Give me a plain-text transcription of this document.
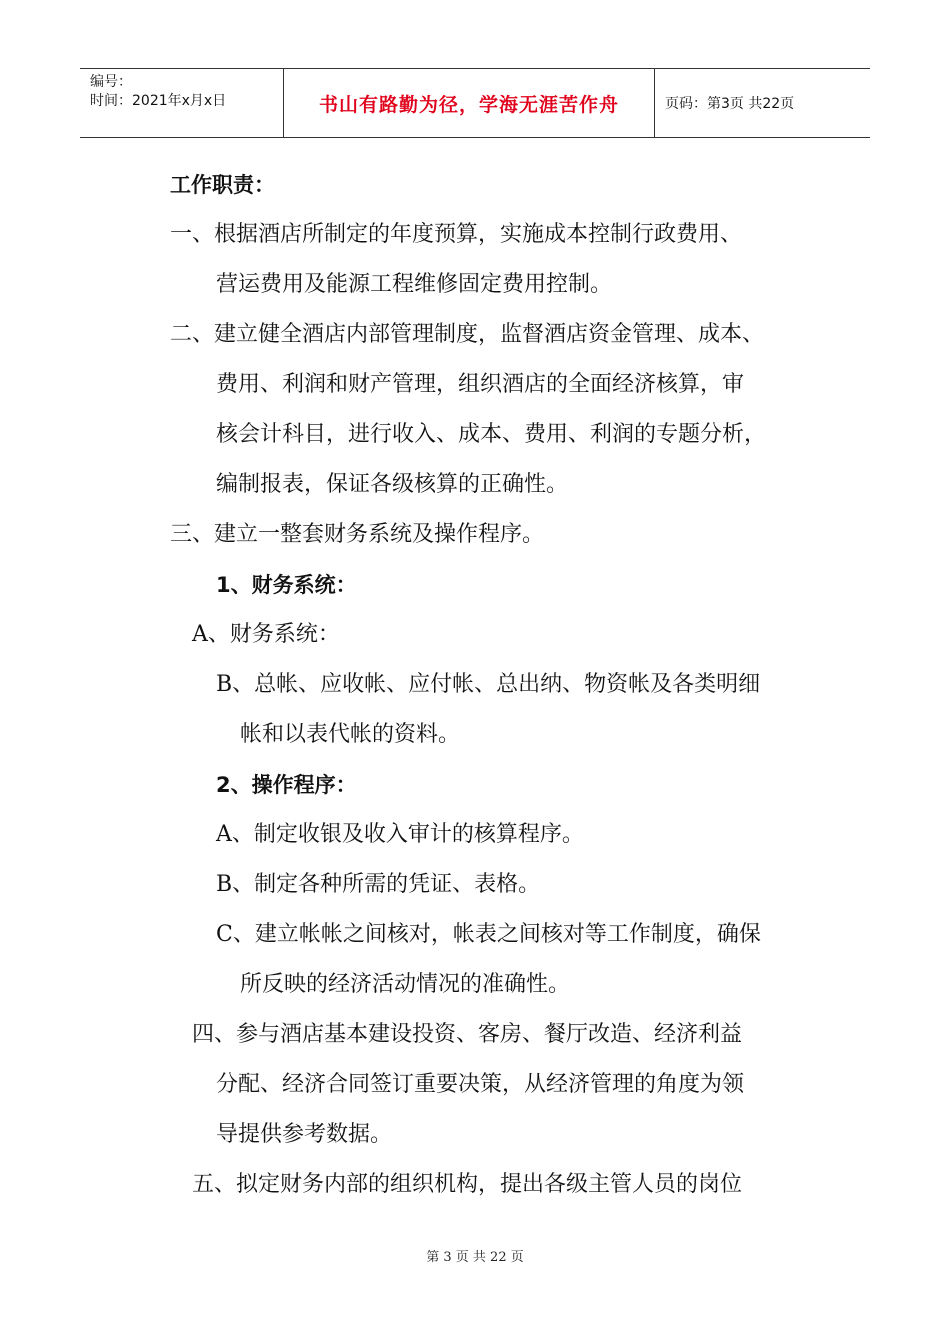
编号：
时间：2021年x月x日	书山有路勤为径，学海无涯苦作舟	页码：第3页 共22页
工作职责：
一、根据酒店所制定的年度预算，实施成本控制行政费用、
营运费用及能源工程维修固定费用控制。
二、建立健全酒店内部管理制度，监督酒店资金管理、成本、
费用、利润和财产管理，组织酒店的全面经济核算，审
核会计科目，进行收入、成本、费用、利润的专题分析，
编制报表，保证各级核算的正确性。
三、建立一整套财务系统及操作程序。
1、财务系统：
A、财务系统：
B、总帐、应收帐、应付帐、总出纳、物资帐及各类明细
帐和以表代帐的资料。
2、操作程序：
A、制定收银及收入审计的核算程序。
B、制定各种所需的凭证、表格。
C、建立帐帐之间核对，帐表之间核对等工作制度，确保
所反映的经济活动情况的准确性。
四、参与酒店基本建设投资、客房、餐厅改造、经济利益
分配、经济合同签订重要决策，从经济管理的角度为领
导提供参考数据。
五、拟定财务内部的组织机构，提出各级主管人员的岗位
第 3 页 共 22 页
